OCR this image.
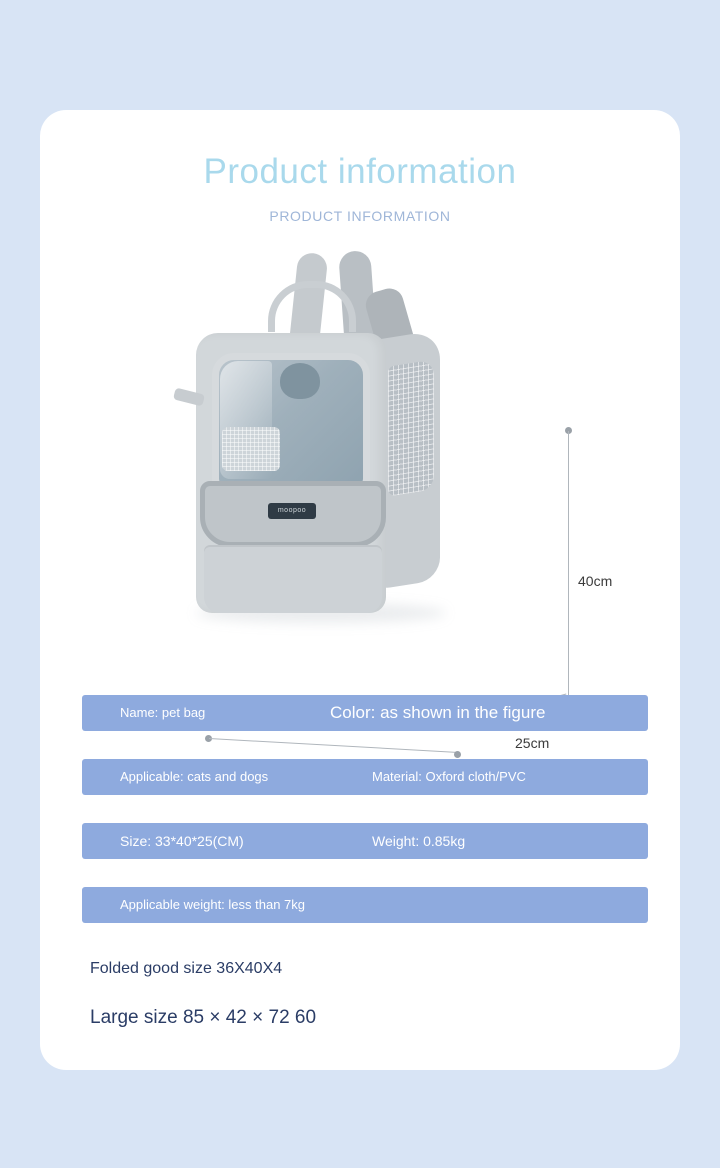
Product information
PRODUCT INFORMATION
moopoo
40cm
25cm
Name: pet bag	Color: as shown in the figure
Applicable: cats and dogs	Material: Oxford cloth/PVC
Size: 33*40*25(CM)	Weight: 0.85kg
Applicable weight: less than 7kg
Folded good size 36X40X4
Large size 85 × 42 × 72 60
